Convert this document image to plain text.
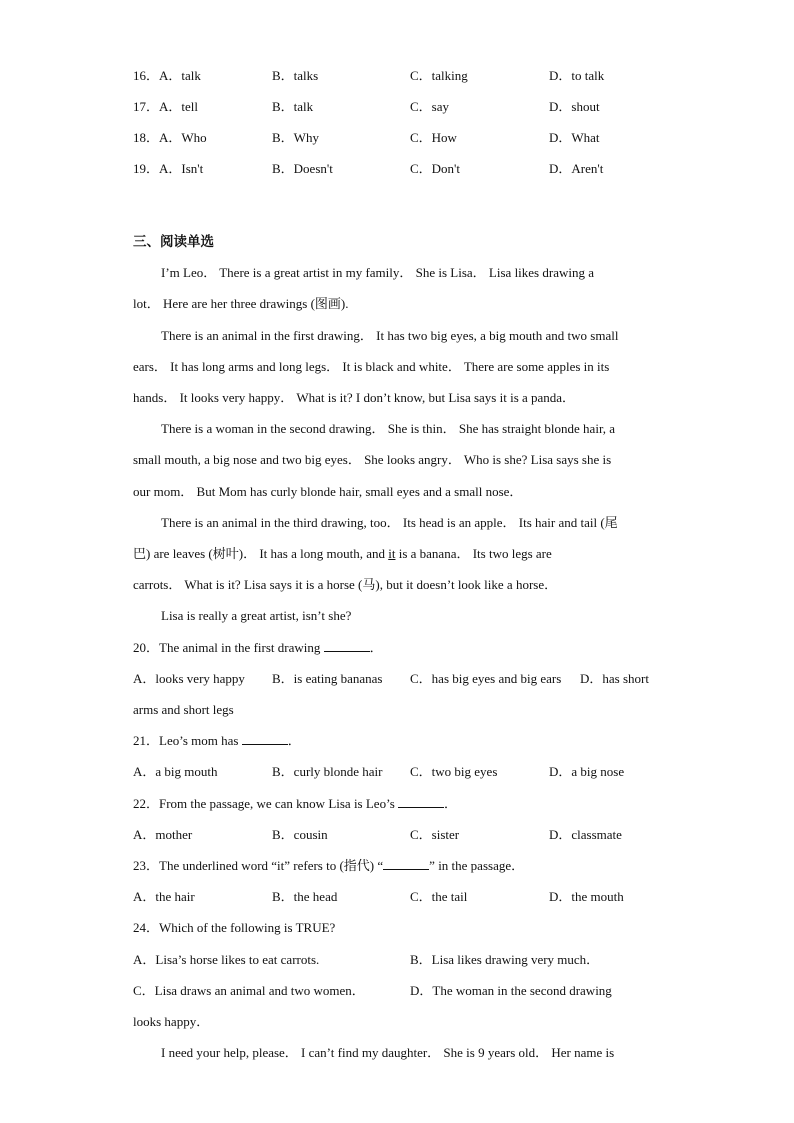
16．A．talk	B．talks	C．talking	D．to talk
17．A．tell	B．talk	C．say	D．shout
18．A．Who	B．Why	C．How	D．What
19．A．Isn't	B．Doesn't	C．Don't	D．Aren't
三、阅读单选
I’m Leo． There is a great artist in my family． She is Lisa． Lisa likes drawing a
lot． Here are her three drawings (图画).
There is an animal in the first drawing． It has two big eyes, a big mouth and two small
ears． It has long arms and long legs． It is black and white． There are some apples in its
hands． It looks very happy． What is it? I don’t know, but Lisa says it is a panda．
There is a woman in the second drawing． She is thin． She has straight blonde hair, a
small mouth, a big nose and two big eyes． She looks angry． Who is she? Lisa says she is
our mom． But Mom has curly blonde hair, small eyes and a small nose．
There is an animal in the third drawing, too． Its head is an apple． Its hair and tail (尾
巴) are leaves (树叶)． It has a long mouth, and it is a banana． Its two legs are
carrots． What is it? Lisa says it is a horse (马), but it doesn’t look like a horse．
Lisa is really a great artist, isn’t she?
20．The animal in the first drawing	．
A．looks very happy B．is eating bananas C．has big eyes and big ears D．has short
arms and short legs
21．Leo’s mom has	．
A．a big mouth	B．curly blonde hair C．two big eyes	D．a big nose
22．From the passage, we can know Lisa is Leo’s	．
A．mother	B．cousin	C．sister	D．classmate
23．The underlined word “it” refers to (指代) “	” in the passage．
A．the hair	B．the head	C．the tail	D．the mouth
24．Which of the following is TRUE?
A．Lisa’s horse likes to eat carrots.	B．Lisa likes drawing very much．
C．Lisa draws an animal and two women．	D．The woman in the second drawing
looks happy．
I need your help, please． I can’t find my daughter． She is 9 years old． Her name is
